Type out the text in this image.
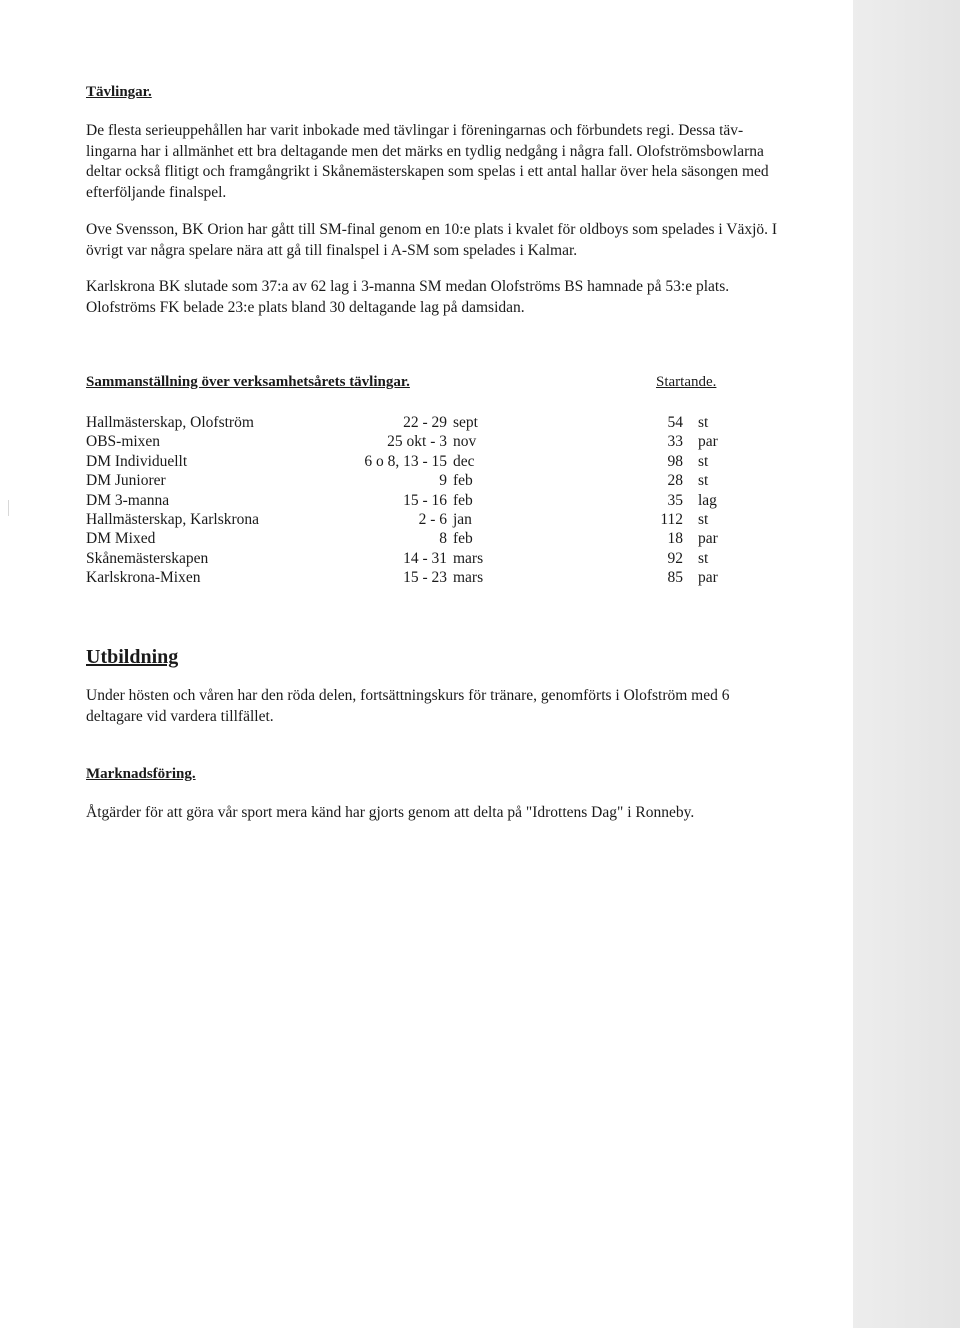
Tävlingar.
De flesta serieuppehållen har varit inbokade med tävlingar i föreningarnas och förbundets regi. Dessa täv-
lingarna har i allmänhet ett bra deltagande men det märks en tydlig nedgång i några fall. Olofströmsbowlarna
deltar också flitigt och framgångrikt i Skånemästerskapen som spelas i ett antal hallar över hela säsongen med
efterföljande finalspel.
Ove Svensson, BK Orion har gått till SM-final genom en 10:e plats i kvalet för oldboys som spelades i Växjö. I
övrigt var några spelare nära att gå till finalspel i A-SM som spelades i Kalmar.
Karlskrona BK slutade som 37:a av 62 lag i 3-manna SM medan Olofströms BS hamnade på 53:e plats.
Olofströms FK belade 23:e plats bland 30 deltagande lag på damsidan.
Sammanställning över verksamhetsårets tävlingar.	Startande.
Hallmästerskap, Olofström	22 - 29 sept	54 st
OBS-mixen	25 okt - 3 nov	33 par
DM Individuellt	6 o 8, 13 - 15 dec	98 st
DM Juniorer	9 feb	28 st
DM 3-manna	15 - 16 feb	35 lag
Hallmästerskap, Karlskrona	2 - 6 jan	112 st
DM Mixed	8 feb	18 par
Skånemästerskapen	14 - 31 mars	92 st
Karlskrona-Mixen	15 - 23 mars	85 par
Utbildning
Under hösten och våren har den röda delen, fortsättningskurs för tränare, genomförts i Olofström med 6
deltagare vid vardera tillfället.
Marknadsföring.
Åtgärder för att göra vår sport mera känd har gjorts genom att delta på "Idrottens Dag" i Ronneby.
